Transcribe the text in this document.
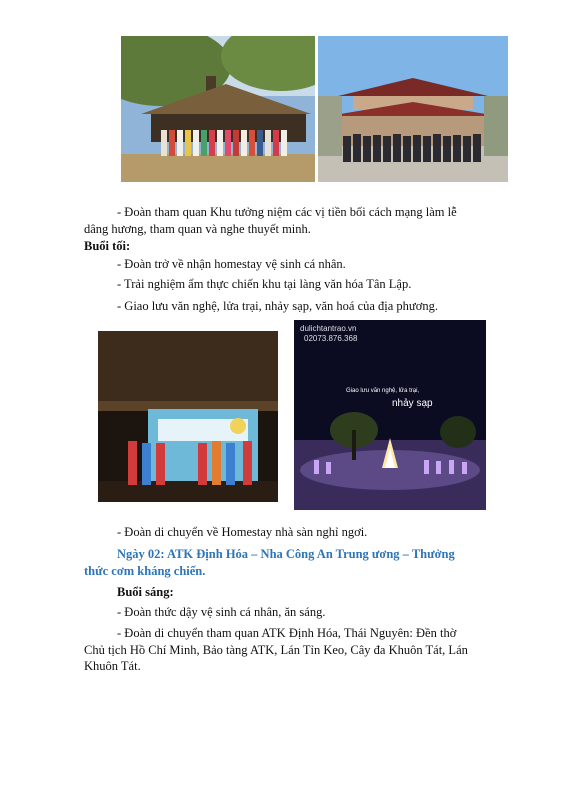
- Đoàn tham quan Khu tưởng niệm các vị tiền bối cách mạng làm lễ dâng hương, tham quan và nghe thuyết minh.
Buổi tối:
- Đoàn trở về nhận homestay vệ sinh cá nhân.
- Trải nghiệm ẩm thực chiến khu tại làng văn hóa Tân Lập.
- Giao lưu văn nghệ, lửa trại, nhảy sạp, văn hoá của địa phương.
dulichtantrao.vn
02073.876.368
Giao lưu văn nghệ, lửa trại,
nhảy sạp
- Đoàn di chuyển về Homestay nhà sàn nghỉ ngơi.
Ngày 02: ATK Định Hóa – Nha Công An Trung ương – Thưởng thức cơm kháng chiến.
Buổi sáng:
- Đoàn thức dậy vệ sinh cá nhân, ăn sáng.
- Đoàn di chuyển tham quan ATK Định Hóa, Thái Nguyên: Đền thờ Chủ tịch Hồ Chí Minh, Bảo tàng ATK, Lán Tỉn Keo, Cây đa Khuôn Tát, Lán Khuôn Tát.
